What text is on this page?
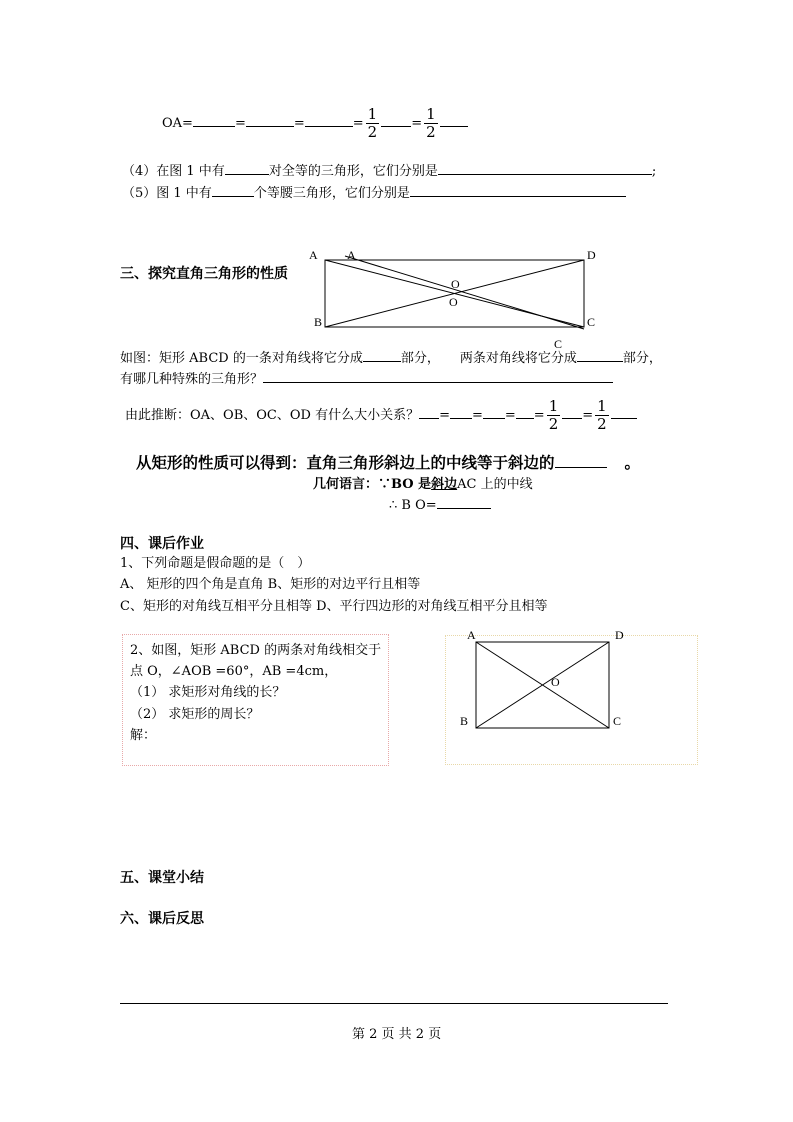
OA=	=	=	= $\frac{1}{2} = \frac{1}{2}$
（4）在图 1 中有	对全等的三角形，它们分别是	;
（5）图 1 中有	个等腰三角形，它们分别是
三、探究直角三角形的性质
A A	D
B	C
C
O
O
如图：矩形 ABCD 的一条对角线将它分成	部分， 两条对角线将它分成	部分，
有哪几种特殊的三角形？
由此推断：OA、OB、OC、OD 有什么大小关系？ = = = = $\frac{1}{2} = \frac{1}{2}$
从矩形的性质可以得到：直角三角形斜边上的中线等于斜边的	。
几何语言：∵BO 是斜边AC 上的中线
∴ B O=
四、课后作业
1、下列命题是假命题的是（　）
A、 矩形的四个角是直角 B、矩形的对边平行且相等
C、矩形的对角线互相平分且相等 D、平行四边形的对角线互相平分且相等
2、如图，矩形 ABCD 的两条对角线相交于
点 O，∠AOB =60°，AB =4cm，
（1） 求矩形对角线的长？
（2） 求矩形的周长？
解：
A	D
B	C
O
五、课堂小结
六、课后反思
第 2 页 共 2 页
